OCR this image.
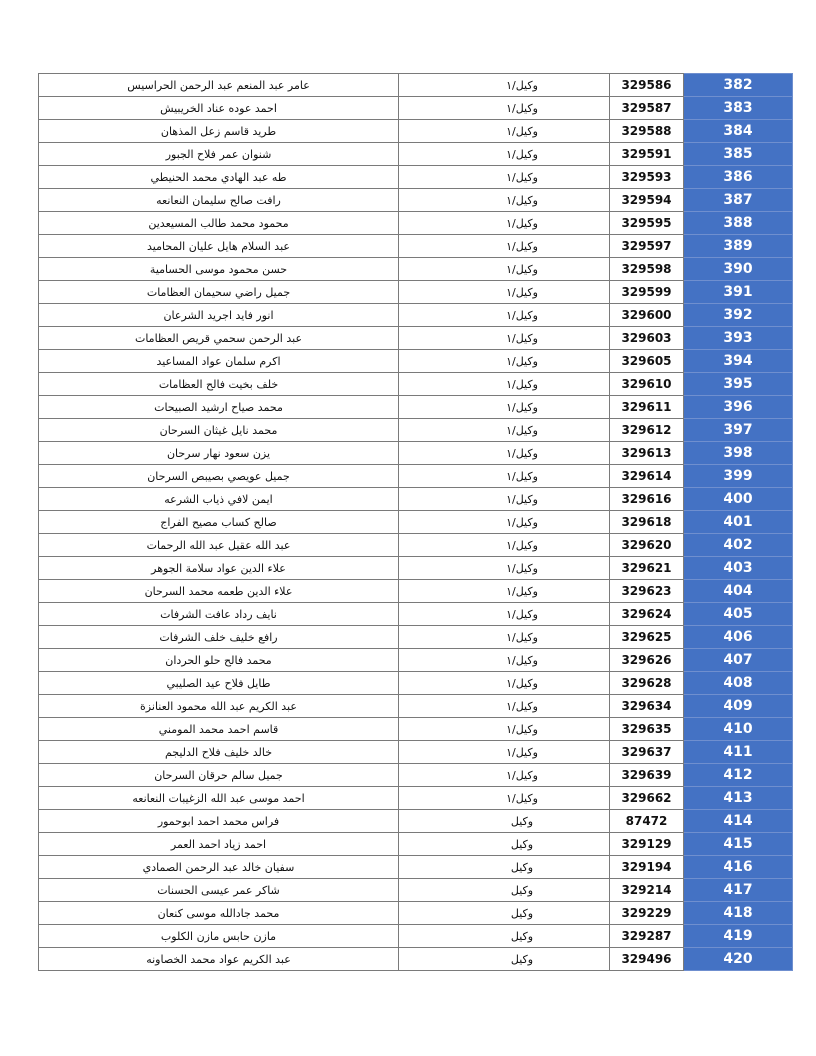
عامر عبد المنعم عبد الرحمن الحراسيس	وكيل/١	329586	382
احمد عوده عناد الخريبيش	وكيل/١	329587	383
طريد قاسم زعل المذهان	وكيل/١	329588	384
شنوان عمر فلاح الجبور	وكيل/١	329591	385
طه عبد الهادي محمد الحنيطي	وكيل/١	329593	386
رافت صالح سليمان النعانعه	وكيل/١	329594	387
محمود محمد طالب المسيعدين	وكيل/١	329595	388
عبد السلام هايل عليان المحاميد	وكيل/١	329597	389
حسن محمود موسى الحسامية	وكيل/١	329598	390
جميل راضي سحيمان العظامات	وكيل/١	329599	391
انور فايد اجريد الشرعان	وكيل/١	329600	392
عبد الرحمن سحمي قريص العظامات	وكيل/١	329603	393
اكرم سلمان عواد المساعيد	وكيل/١	329605	394
خلف بخيت فالح العظامات	وكيل/١	329610	395
محمد صياح ارشيد الصبيحات	وكيل/١	329611	396
محمد نايل غيثان السرحان	وكيل/١	329612	397
يزن سعود نهار سرحان	وكيل/١	329613	398
جميل عويصي بصيبص السرحان	وكيل/١	329614	399
ايمن لافي ذياب الشرعه	وكيل/١	329616	400
صالح كساب مصيح الفراج	وكيل/١	329618	401
عبد الله عقيل عبد الله الرحمات	وكيل/١	329620	402
علاء الدين عواد سلامة الجوهر	وكيل/١	329621	403
علاء الدين طعمه محمد السرحان	وكيل/١	329623	404
نايف رداد عافت الشرفات	وكيل/١	329624	405
رافع خليف خلف الشرفات	وكيل/١	329625	406
محمد فالح حلو الحردان	وكيل/١	329626	407
طايل فلاح عيد الصليبي	وكيل/١	329628	408
عبد الكريم عبد الله محمود العنانزة	وكيل/١	329634	409
قاسم احمد محمد المومني	وكيل/١	329635	410
خالد خليف فلاح الدليجم	وكيل/١	329637	411
جميل سالم حرقان السرحان	وكيل/١	329639	412
احمد موسى عبد الله الزغيبات النعانعه	وكيل/١	329662	413
فراس محمد احمد ابوحمور	وكيل	87472	414
احمد زياد احمد العمر	وكيل	329129	415
سفيان خالد عبد الرحمن الصمادي	وكيل	329194	416
شاكر عمر عيسى الحسنات	وكيل	329214	417
محمد جادالله موسى كنعان	وكيل	329229	418
مازن حابس مازن الكلوب	وكيل	329287	419
عبد الكريم عواد محمد الخصاونه	وكيل	329496	420
